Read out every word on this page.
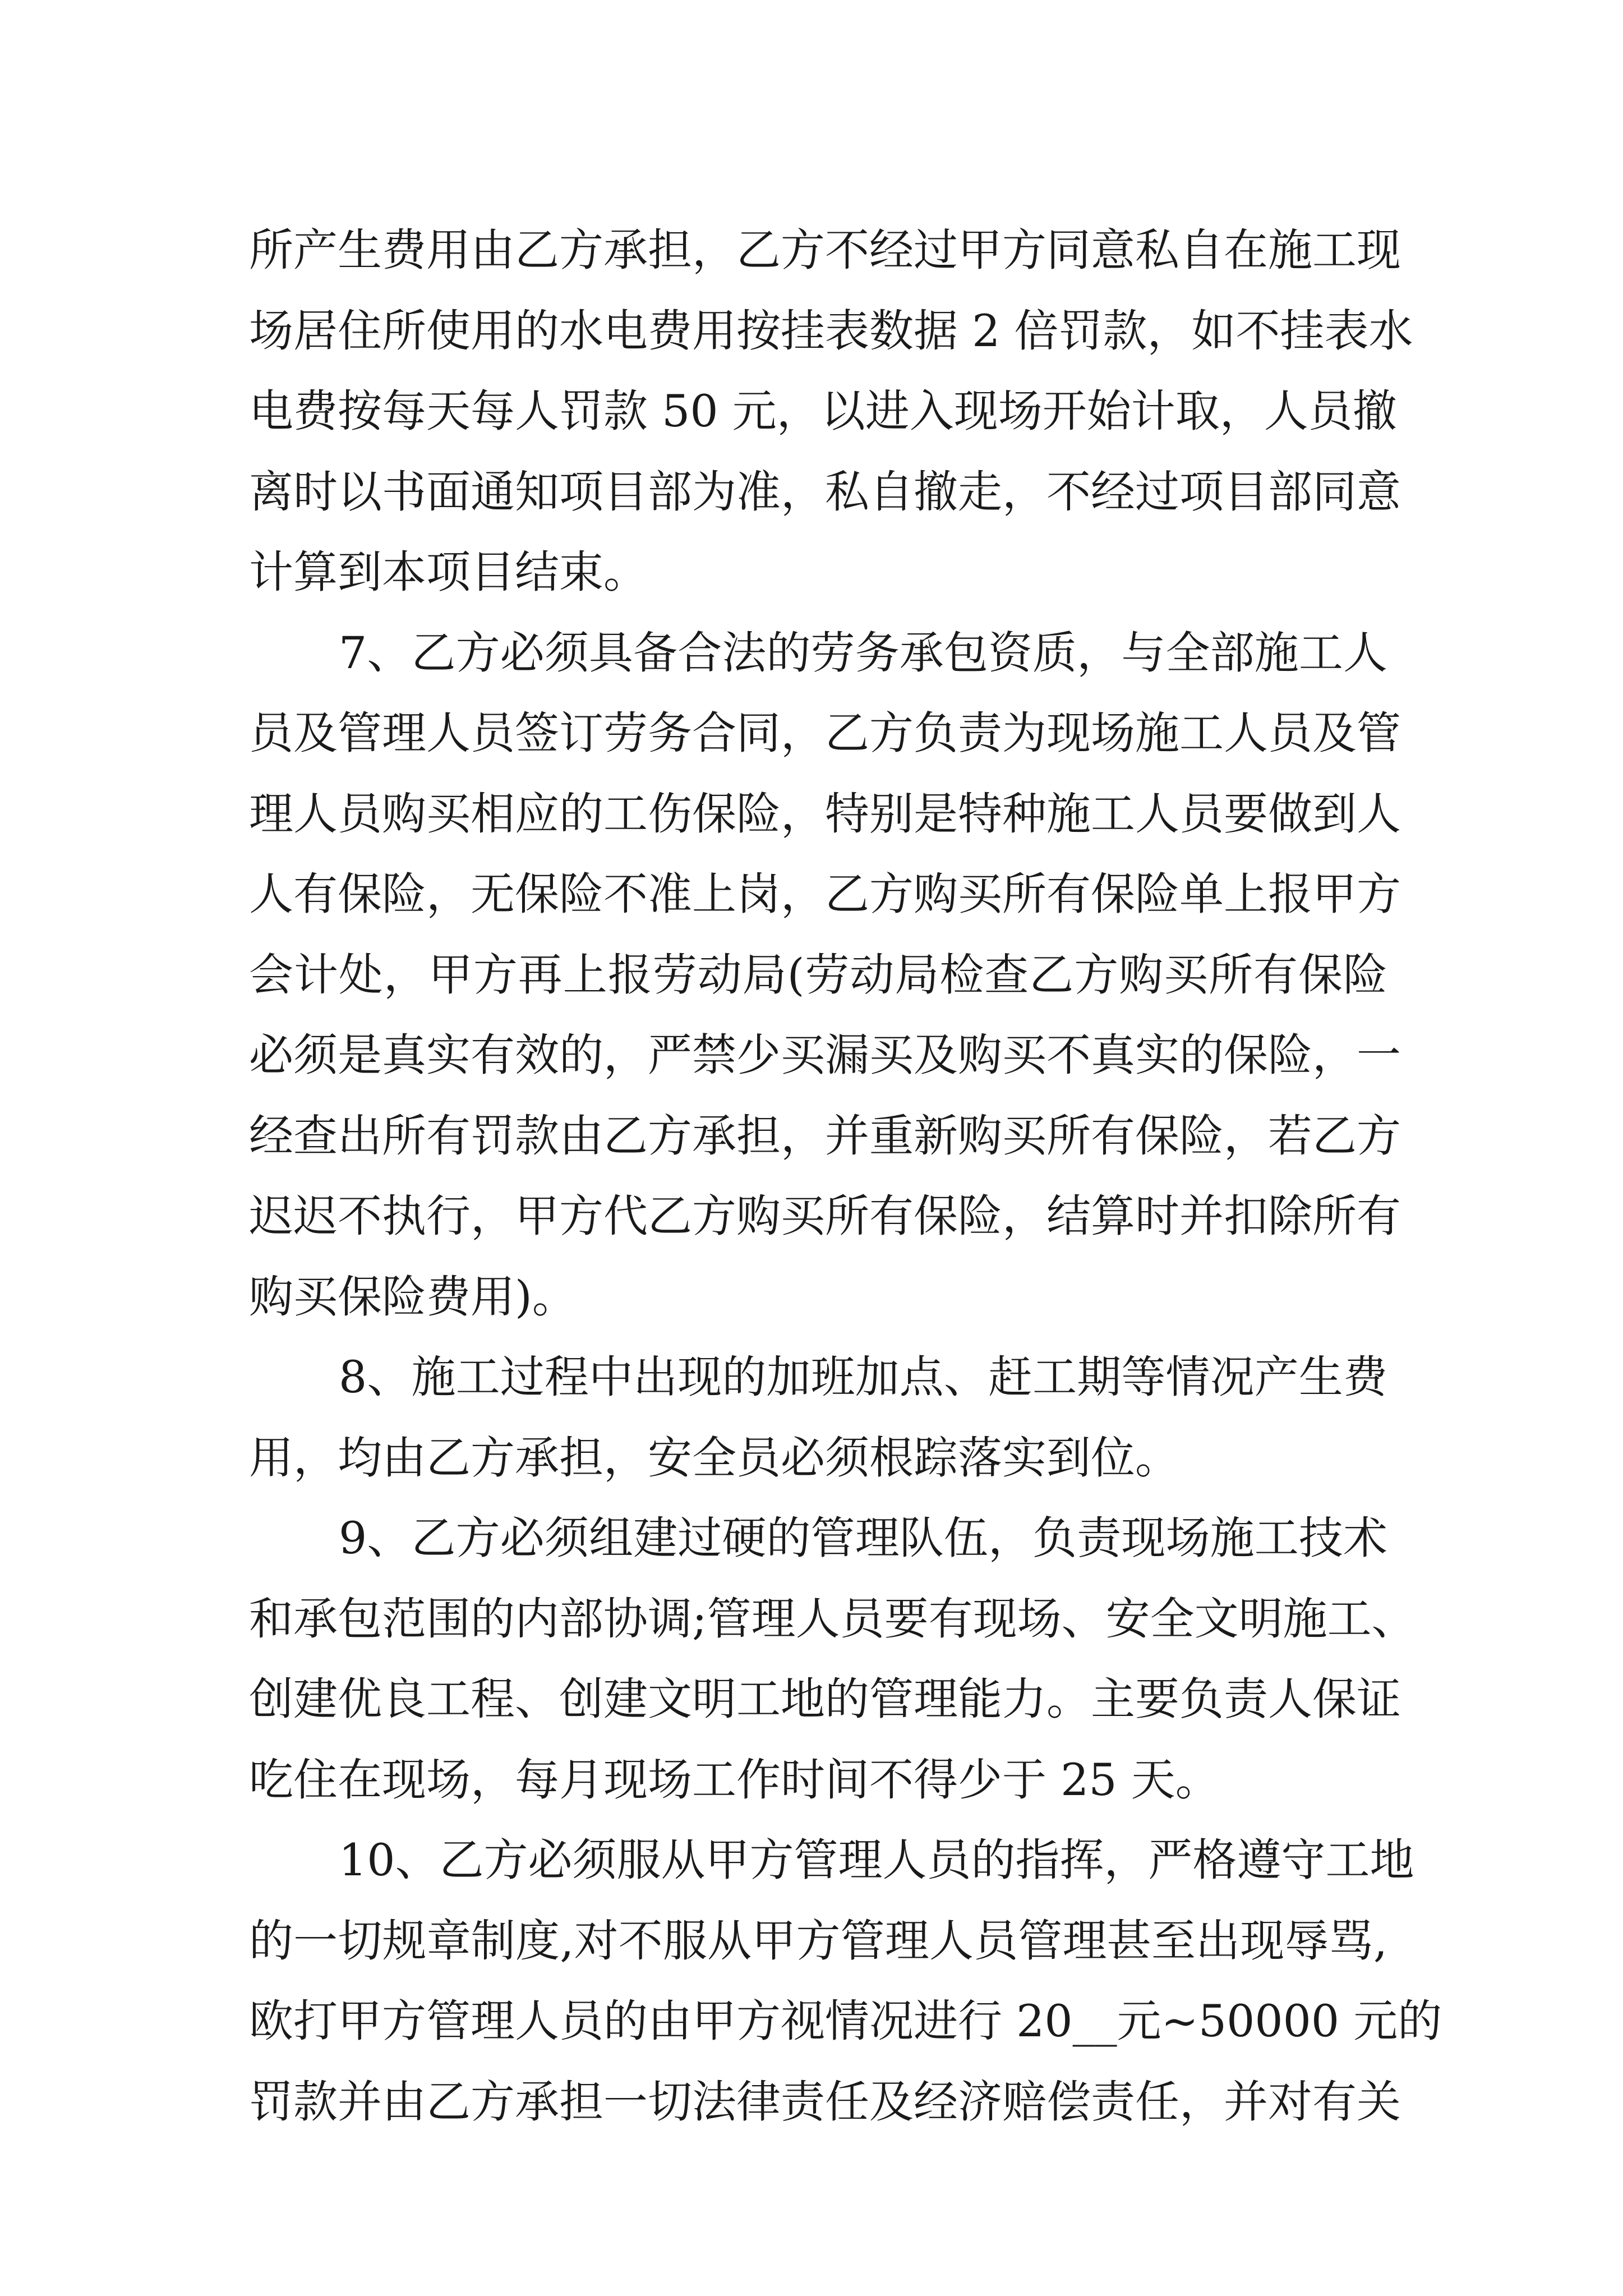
所产生费用由乙方承担，乙方不经过甲方同意私自在施工现
场居住所使用的水电费用按挂表数据 2 倍罚款，如不挂表水
电费按每天每人罚款 50 元，以进入现场开始计取，人员撤
离时以书面通知项目部为准，私自撤走，不经过项目部同意
计算到本项目结束。
7、乙方必须具备合法的劳务承包资质，与全部施工人
员及管理人员签订劳务合同，乙方负责为现场施工人员及管
理人员购买相应的工伤保险，特别是特种施工人员要做到人
人有保险，无保险不准上岗，乙方购买所有保险单上报甲方
会计处，甲方再上报劳动局(劳动局检查乙方购买所有保险
必须是真实有效的，严禁少买漏买及购买不真实的保险，一
经查出所有罚款由乙方承担，并重新购买所有保险，若乙方
迟迟不执行，甲方代乙方购买所有保险，结算时并扣除所有
购买保险费用)。
8、施工过程中出现的加班加点、赶工期等情况产生费
用，均由乙方承担，安全员必须根踪落实到位。
9、乙方必须组建过硬的管理队伍，负责现场施工技术
和承包范围的内部协调;管理人员要有现场、安全文明施工、
创建优良工程、创建文明工地的管理能力。主要负责人保证
吃住在现场，每月现场工作时间不得少于 25 天。
10、乙方必须服从甲方管理人员的指挥，严格遵守工地
的一切规章制度,对不服从甲方管理人员管理甚至出现辱骂,
欧打甲方管理人员的由甲方视情况进行 20__元~50000 元的
罚款并由乙方承担一切法律责任及经济赔偿责任，并对有关
